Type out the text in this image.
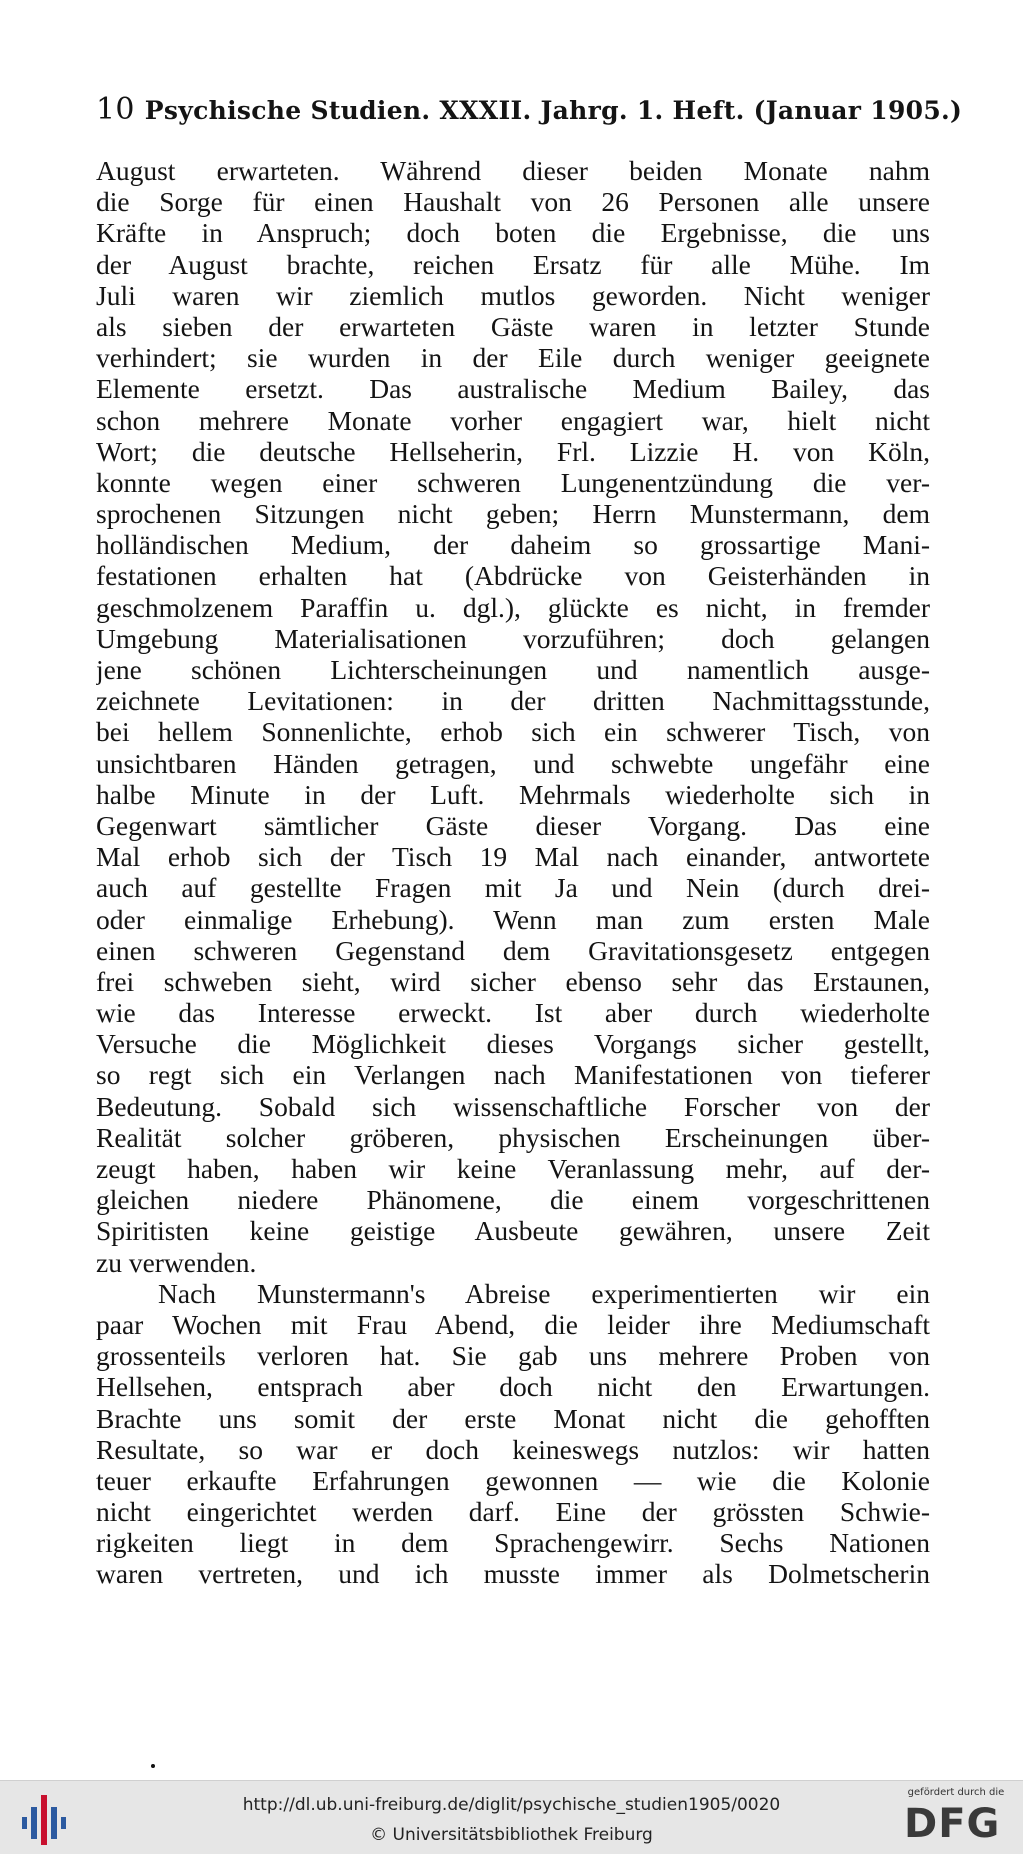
10 Psychische Studien. XXXII. Jahrg. 1. Heft. (Januar 1905.)
August erwarteten. Während dieser beiden Monate nahm
die Sorge für einen Haushalt von 26 Personen alle unsere
Kräfte in Anspruch; doch boten die Ergebnisse, die uns
der August brachte, reichen Ersatz für alle Mühe. Im
Juli waren wir ziemlich mutlos geworden. Nicht weniger
als sieben der erwarteten Gäste waren in letzter Stunde
verhindert; sie wurden in der Eile durch weniger geeignete
Elemente ersetzt. Das australische Medium Bailey, das
schon mehrere Monate vorher engagiert war, hielt nicht
Wort; die deutsche Hellseherin, Frl. Lizzie H. von Köln,
konnte wegen einer schweren Lungenentzündung die ver-
sprochenen Sitzungen nicht geben; Herrn Munstermann, dem
holländischen Medium, der daheim so grossartige Mani-
festationen erhalten hat (Abdrücke von Geisterhänden in
geschmolzenem Paraffin u. dgl.), glückte es nicht, in fremder
Umgebung Materialisationen vorzuführen; doch gelangen
jene schönen Lichterscheinungen und namentlich ausge-
zeichnete Levitationen: in der dritten Nachmittagsstunde,
bei hellem Sonnenlichte, erhob sich ein schwerer Tisch, von
unsichtbaren Händen getragen, und schwebte ungefähr eine
halbe Minute in der Luft. Mehrmals wiederholte sich in
Gegenwart sämtlicher Gäste dieser Vorgang. Das eine
Mal erhob sich der Tisch 19 Mal nach einander, antwortete
auch auf gestellte Fragen mit Ja und Nein (durch drei-
oder einmalige Erhebung). Wenn man zum ersten Male
einen schweren Gegenstand dem Gravitationsgesetz entgegen
frei schweben sieht, wird sicher ebenso sehr das Erstaunen,
wie das Interesse erweckt. Ist aber durch wiederholte
Versuche die Möglichkeit dieses Vorgangs sicher gestellt,
so regt sich ein Verlangen nach Manifestationen von tieferer
Bedeutung. Sobald sich wissenschaftliche Forscher von der
Realität solcher gröberen, physischen Erscheinungen über-
zeugt haben, haben wir keine Veranlassung mehr, auf der-
gleichen niedere Phänomene, die einem vorgeschrittenen
Spiritisten keine geistige Ausbeute gewähren, unsere Zeit
zu verwenden.
Nach Munstermann's Abreise experimentierten wir ein
paar Wochen mit Frau Abend, die leider ihre Mediumschaft
grossenteils verloren hat. Sie gab uns mehrere Proben von
Hellsehen, entsprach aber doch nicht den Erwartungen.
Brachte uns somit der erste Monat nicht die gehofften
Resultate, so war er doch keineswegs nutzlos: wir hatten
teuer erkaufte Erfahrungen gewonnen — wie die Kolonie
nicht eingerichtet werden darf. Eine der grössten Schwie-
rigkeiten liegt in dem Sprachengewirr. Sechs Nationen
waren vertreten, und ich musste immer als Dolmetscherin
http://dl.ub.uni-freiburg.de/diglit/psychische_studien1905/0020
© Universitätsbibliothek Freiburg
gefördert durch die
DFG
